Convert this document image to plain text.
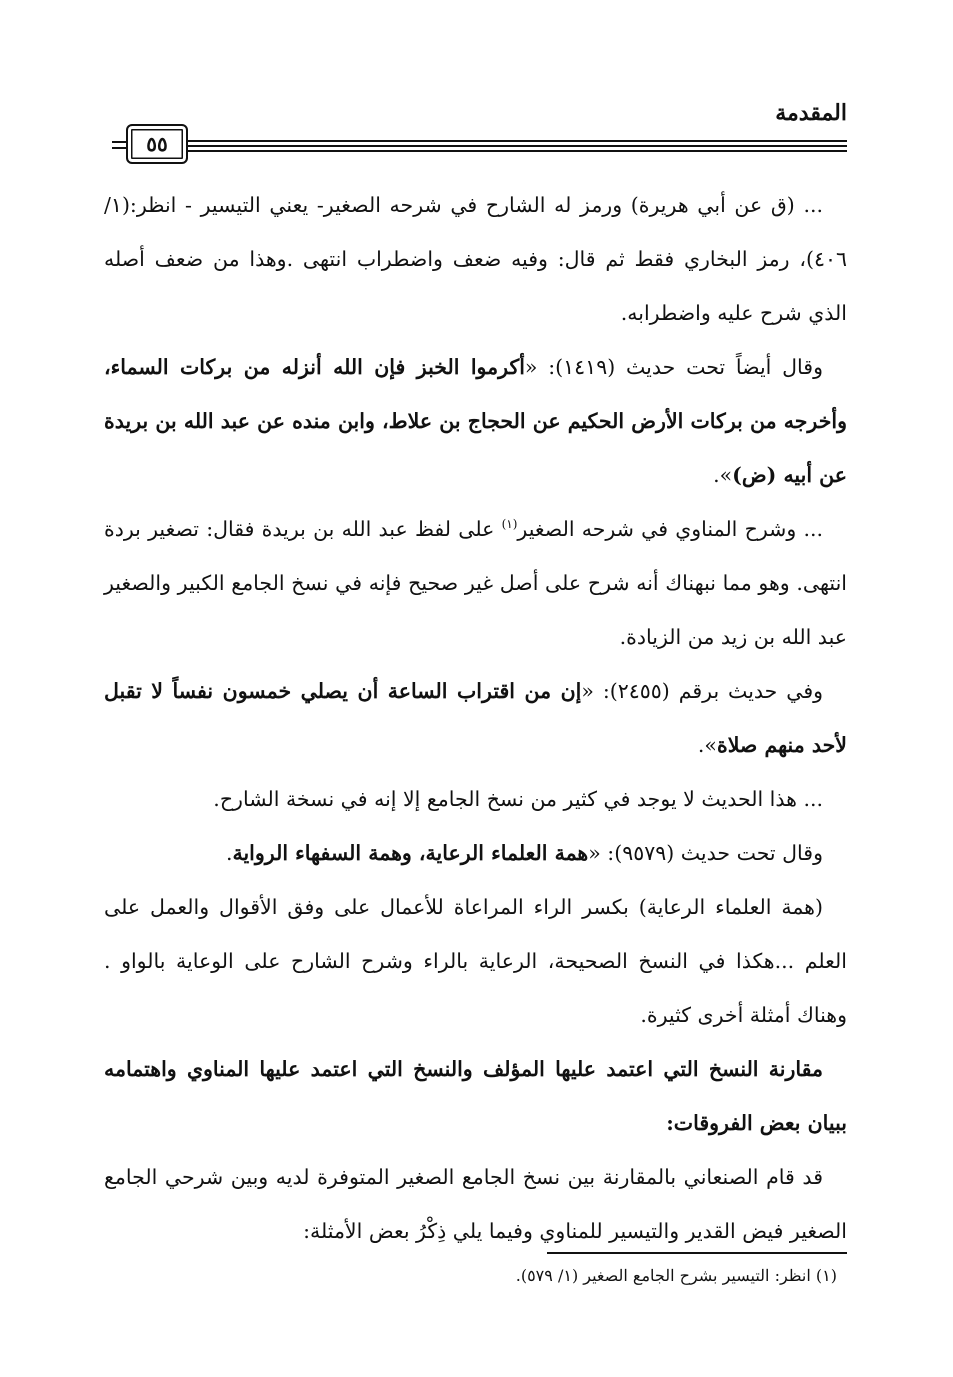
المقدمة
٥٥

... (ق عن أبي هريرة) ورمز له الشارح في شرحه الصغير- يعني التيسير - انظر:(١/ ٤٠٦)، رمز البخاري فقط ثم قال: وفيه ضعف واضطراب انتهى .وهذا من ضعف أصله الذي شرح عليه واضطرابه.

وقال أيضاً تحت حديث (١٤١٩): «أكرموا الخبز فإن الله أنزله من بركات السماء، وأخرجه من بركات الأرض الحكيم عن الحجاج بن علاط، وابن منده عن عبد الله بن بريدة عن أبيه (ض)».

... وشرح المناوي في شرحه الصغير$^{(١)}$ على لفظ عبد الله بن بريدة فقال: تصغير بردة انتهى. وهو مما نبهناك أنه شرح على أصل غير صحيح فإنه في نسخ الجامع الكبير والصغير عبد الله بن زيد من الزيادة.

وفي حديث برقم (٢٤٥٥): «إن من اقتراب الساعة أن يصلي خمسون نفساً لا تقبل لأحد منهم صلاة».

... هذا الحديث لا يوجد في كثير من نسخ الجامع إلا إنه في نسخة الشارح.

وقال تحت حديث (٩٥٧٩): «همة العلماء الرعاية، وهمة السفهاء الرواية.

(همة العلماء الرعاية) بكسر الراء المراعاة للأعمال على وفق الأقوال والعمل على العلم ...هكذا في النسخ الصحيحة، الرعاية بالراء وشرح الشارح على الوعاية بالواو . وهناك أمثلة أخرى كثيرة.

مقارنة النسخ التي اعتمد عليها المؤلف والنسخ التي اعتمد عليها المناوي واهتمامه ببيان بعض الفروقات:

قد قام الصنعاني بالمقارنة بين نسخ الجامع الصغير المتوفرة لديه وبين شرحي الجامع الصغير فيض القدير والتيسير للمناوي وفيما يلي ذِكْرُ بعض الأمثلة:

(١) انظر: التيسير بشرح الجامع الصغير (١/ ٥٧٩).
